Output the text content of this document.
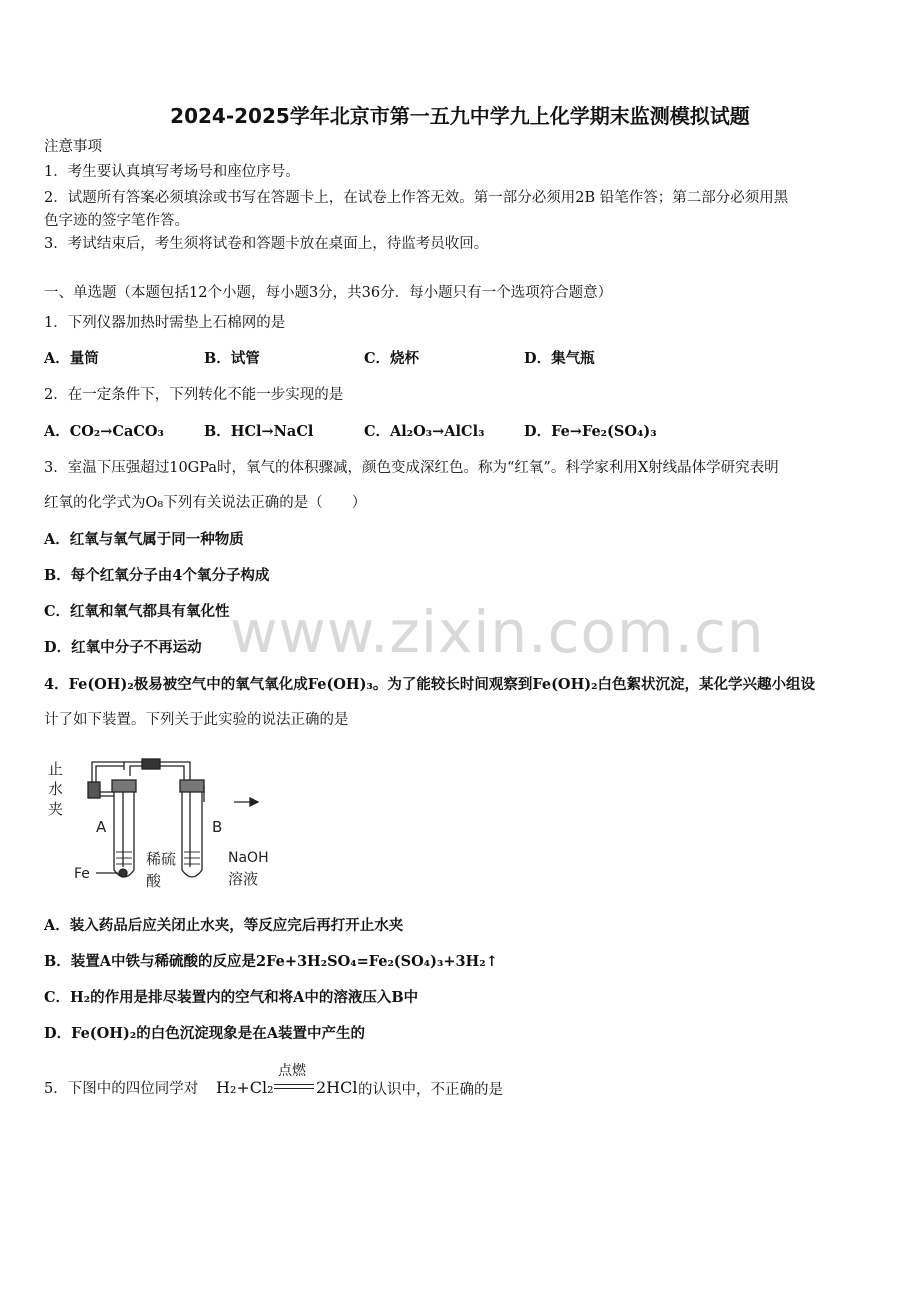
2024-2025学年北京市第一五九中学九上化学期末监测模拟试题
注意事项
1．考生要认真填写考场号和座位序号。
2．试题所有答案必须填涂或书写在答题卡上，在试卷上作答无效。第一部分必须用2B 铅笔作答；第二部分必须用黑
色字迹的签字笔作答。
3．考试结束后，考生须将试卷和答题卡放在桌面上，待监考员收回。
一、单选题（本题包括12个小题，每小题3分，共36分．每小题只有一个选项符合题意）
1．下列仪器加热时需垫上石棉网的是
A．量筒	B．试管	C．烧杯	D．集气瓶
2．在一定条件下，下列转化不能一步实现的是
A．CO₂→CaCO₃	B．HCl→NaCl	C．Al₂O₃→AlCl₃	D．Fe→Fe₂(SO₄)₃
3．室温下压强超过10GPa时，氧气的体积骤减，颜色变成深红色。称为“红氧”。科学家利用X射线晶体学研究表明
红氧的化学式为O₈下列有关说法正确的是（　　）
A．红氧与氧气属于同一种物质
B．每个红氧分子由4个氧分子构成
C．红氧和氧气都具有氧化性
D．红氧中分子不再运动 www.zixin.com.cn
4．Fe(OH)₂极易被空气中的氧气氧化成Fe(OH)₃。为了能较长时间观察到Fe(OH)₂白色絮状沉淀，某化学兴趣小组设
计了如下装置。下列关于此实验的说法正确的是
止
水
夹
A	B
Fe
稀硫
酸
NaOH
溶液
A．装入药品后应关闭止水夹，等反应完后再打开止水夹
B．装置A中铁与稀硫酸的反应是2Fe+3H₂SO₄=Fe₂(SO₄)₃+3H₂↑
C．H₂的作用是排尽装置内的空气和将A中的溶液压入B中
D．Fe(OH)₂的白色沉淀现象是在A装置中产生的
5．下图中的四位同学对 H₂+Cl₂
点燃
2HCl 的认识中，不正确的是
